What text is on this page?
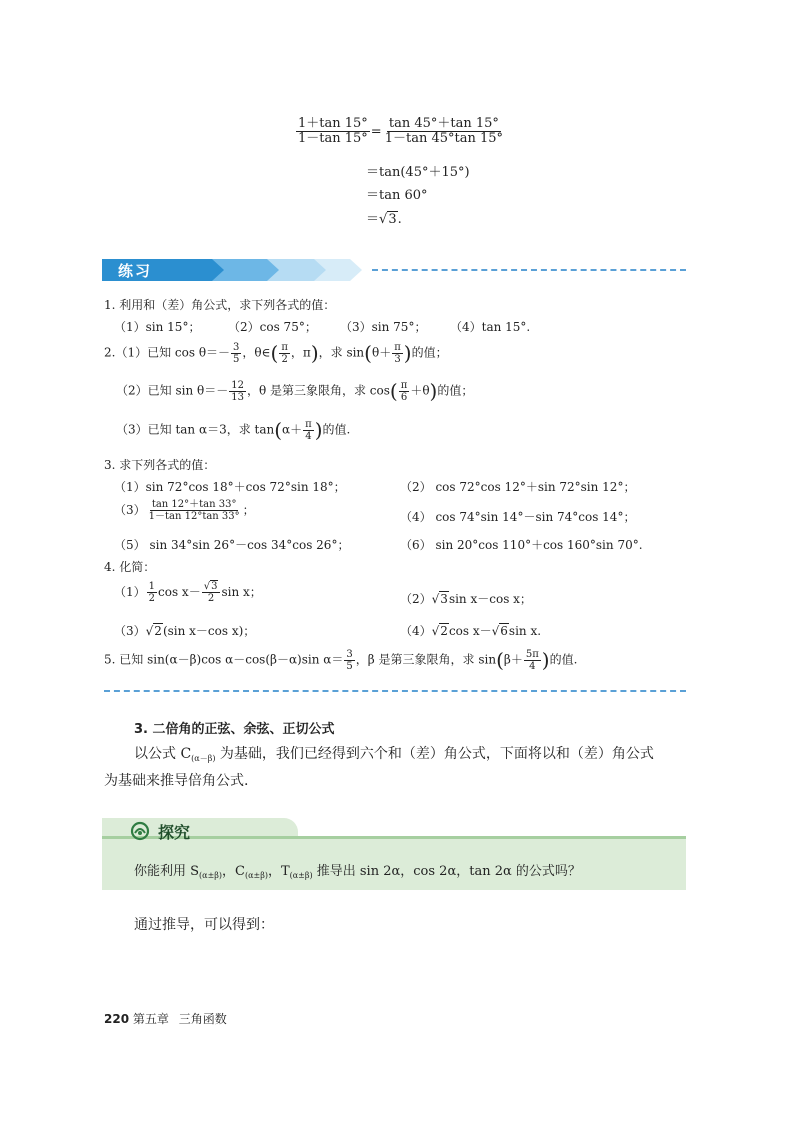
$\frac{1+\tan 15^\circ}{1-\tan 15^\circ} = \frac{\tan 45^\circ+\tan 15^\circ}{1-\tan 45^\circ\tan 15^\circ}$
＝tan(45°＋15°)
＝tan 60°
＝√3.
练习
1. 利用和（差）角公式，求下列各式的值：
（1）sin 15°； （2）cos 75°； （3）sin 75°； （4）tan 15°.
2.（1）已知 $\cos \theta=- \frac{3}{5}$ ，θ∈( $\frac{\pi}{2}$ ，π)，求 $\sin(\theta+ \frac{\pi}{3}$ )的值；
（2）已知 $\sin \theta=- \frac{12}{13}$ ，θ 是第三象限角，求 $\cos( \frac{\pi}{6} +\theta)$的值；
（3）已知 tan α＝3，求 $\tan(\alpha+ \frac{\pi}{4}$ )的值.
3. 求下列各式的值：
（1）sin 72°cos 18°＋cos 72°sin 18°；	（2） cos 72°cos 12°＋sin 72°sin 12°；
$(3) \frac{\tan 12^\circ+\tan 33^\circ}{1-\tan 12^\circ\tan 33^\circ}$ ；	（4） cos 74°sin 14°－sin 74°cos 14°；
（5） sin 34°sin 26°－cos 34°cos 26°；	（6） sin 20°cos 110°＋cos 160°sin 70°.
4. 化简：
$(1) \frac{1}{2}$ $\cos x- \frac{√3}{2}$ sin x；	（2）√3sin x－cos x；
（3）√2(sin x－cos x)；	（4）√2cos x－√6sin x.
5. 已知 sin(α－β)cos α－cos(β－α)sin $\alpha= \frac{3}{5}$ ，β 是第三象限角，求 $\sin(\beta+ \frac{5\pi}{4}$ )的值.
3. 二倍角的正弦、余弦、正切公式
以公式 $C_{(\alpha-\beta)}$ 为基础，我们已经得到六个和（差）角公式，下面将以和（差）角公式
为基础来推导倍角公式.
探究
你能利用 $S_{(\alpha\pm\beta)}$，$C_{(\alpha\pm\beta)}$，$T_{(\alpha\pm\beta)}$ 推导出 sin 2α，cos 2α，tan 2α 的公式吗？
通过推导，可以得到：
220 第五章 三角函数
